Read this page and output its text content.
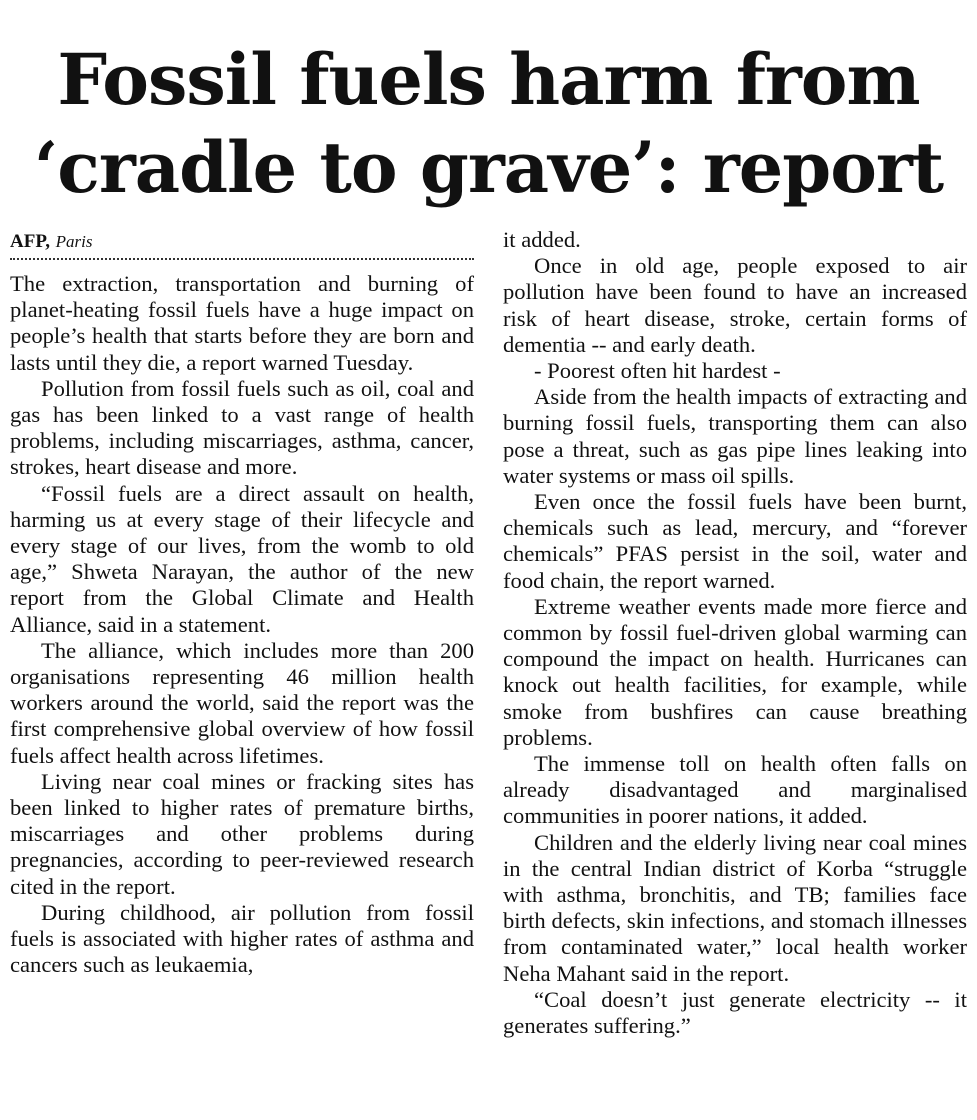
Fossil fuels harm from
‘cradle to grave’: report
AFP, Paris

The extraction, transportation and burning of planet-heating fossil fuels have a huge impact on people’s health that starts before they are born and lasts until they die, a report warned Tuesday.

Pollution from fossil fuels such as oil, coal and gas has been linked to a vast range of health problems, including miscarriages, asthma, cancer, strokes, heart disease and more.

“Fossil fuels are a direct assault on health, harming us at every stage of their lifecycle and every stage of our lives, from the womb to old age,” Shweta Narayan, the author of the new report from the Global Climate and Health Alliance, said in a statement.

The alliance, which includes more than 200 organisations representing 46 million health workers around the world, said the report was the first comprehensive global overview of how fossil fuels affect health across lifetimes.

Living near coal mines or fracking sites has been linked to higher rates of premature births, miscarriages and other problems during pregnancies, according to peer-reviewed research cited in the report.

During childhood, air pollution from fossil fuels is associated with higher rates of asthma and cancers such as leukaemia,

it added.

Once in old age, people exposed to air pollution have been found to have an increased risk of heart disease, stroke, certain forms of dementia -- and early death.

- Poorest often hit hardest -

Aside from the health impacts of extracting and burning fossil fuels, transporting them can also pose a threat, such as gas pipe lines leaking into water systems or mass oil spills.

Even once the fossil fuels have been burnt, chemicals such as lead, mercury, and “forever chemicals” PFAS persist in the soil, water and food chain, the report warned.

Extreme weather events made more fierce and common by fossil fuel-driven global warming can compound the impact on health. Hurricanes can knock out health facilities, for example, while smoke from bushfires can cause breathing problems.

The immense toll on health often falls on already disadvantaged and marginalised communities in poorer nations, it added.

Children and the elderly living near coal mines in the central Indian district of Korba “struggle with asthma, bronchitis, and TB; families face birth defects, skin infections, and stomach illnesses from contaminated water,” local health worker Neha Mahant said in the report.

“Coal doesn’t just generate electricity -- it generates suffering.”
